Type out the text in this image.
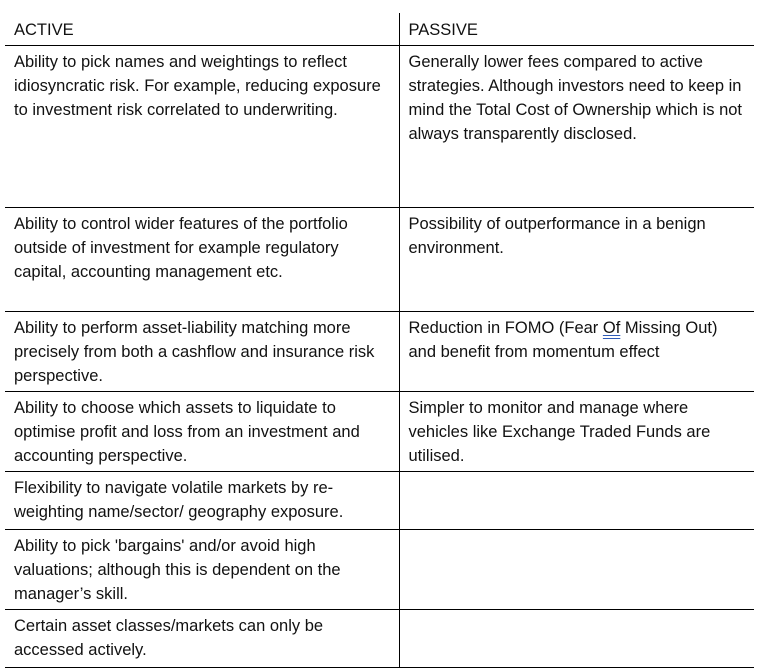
ACTIVE	PASSIVE
Ability to pick names and weightings to reflect idiosyncratic risk. For example, reducing exposure to investment risk correlated to underwriting.	Generally lower fees compared to active strategies. Although investors need to keep in mind the Total Cost of Ownership which is not always transparently disclosed.
Ability to control wider features of the portfolio outside of investment for example regulatory capital, accounting management etc.	Possibility of outperformance in a benign environment.
Ability to perform asset-liability matching more precisely from both a cashflow and insurance risk perspective.	Reduction in FOMO (Fear Of Missing Out) and benefit from momentum effect
Ability to choose which assets to liquidate to optimise profit and loss from an investment and accounting perspective.	Simpler to monitor and manage where vehicles like Exchange Traded Funds are utilised.
Flexibility to navigate volatile markets by re-weighting name/sector/ geography exposure.	
Ability to pick 'bargains' and/or avoid high valuations; although this is dependent on the manager’s skill.	
Certain asset classes/markets can only be accessed actively.	
